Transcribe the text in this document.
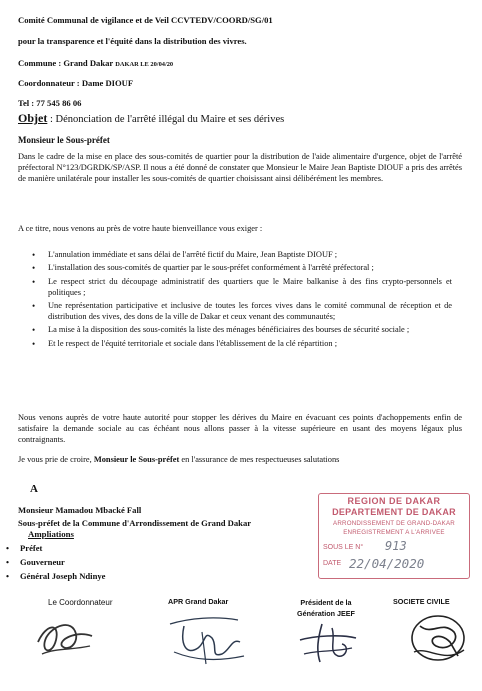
Comité Communal de vigilance et de Veil CCVTEDV/COORD/SG/01
pour la transparence et l'équité dans la distribution des vivres.
Commune : Grand Dakar DAKAR LE 20/04/20
Coordonnateur : Dame DIOUF
Tel : 77 545 86 06
Objet : Dénonciation de l'arrêté illégal du Maire et ses dérives
Monsieur le Sous-préfet
Dans le cadre de la mise en place des sous-comités de quartier pour la distribution de l'aide alimentaire d'urgence, objet de l'arrêté préfectoral N°123/DGRDK/SP/ASP. Il nous a été donné de constater que Monsieur le Maire Jean Baptiste DIOUF a pris des arrêtés de manière unilatérale pour installer les sous-comités de quartier choisissant ainsi délibérément les membres.
A ce titre, nous venons au près de votre haute bienveillance vous exiger :
• L'annulation immédiate et sans délai de l'arrêté fictif du Maire, Jean Baptiste DIOUF ;
• L'installation des sous-comités de quartier par le sous-préfet conformément à l'arrêté préfectoral ;
• Le respect strict du découpage administratif des quartiers que le Maire balkanise à des fins crypto-personnels et politiques ;
• Une représentation participative et inclusive de toutes les forces vives dans le comité communal de réception et de distribution des vives, des dons de la ville de Dakar et ceux venant des communautés;
• La mise à la disposition des sous-comités la liste des ménages bénéficiaires des bourses de sécurité sociale ;
• Et le respect de l'équité territoriale et sociale dans l'établissement de la clé répartition ;
Nous venons auprès de votre haute autorité pour stopper les dérives du Maire en évacuant ces points d'achoppements enfin de satisfaire la demande sociale au cas échéant nous allons passer à la vitesse supérieure en usant des moyens légaux plus contraignants.
Je vous prie de croire, Monsieur le Sous-préfet en l'assurance de mes respectueuses salutations
A
Monsieur Mamadou Mbacké Fall
Sous-préfet de la Commune d'Arrondissement de Grand Dakar
Ampliations
• Préfet
• Gouverneur
• Général Joseph Ndinye
REGION DE DAKAR
DEPARTEMENT DE DAKAR
ARRONDISSEMENT DE GRAND-DAKAR
ENREGISTREMENT A L'ARRIVEE
SOUS LE N° 913
DATE 22/04/2020
Le Coordonnateur	APR Grand Dakar	Président de la Génération JEEF
SOCIETE CIVILE
